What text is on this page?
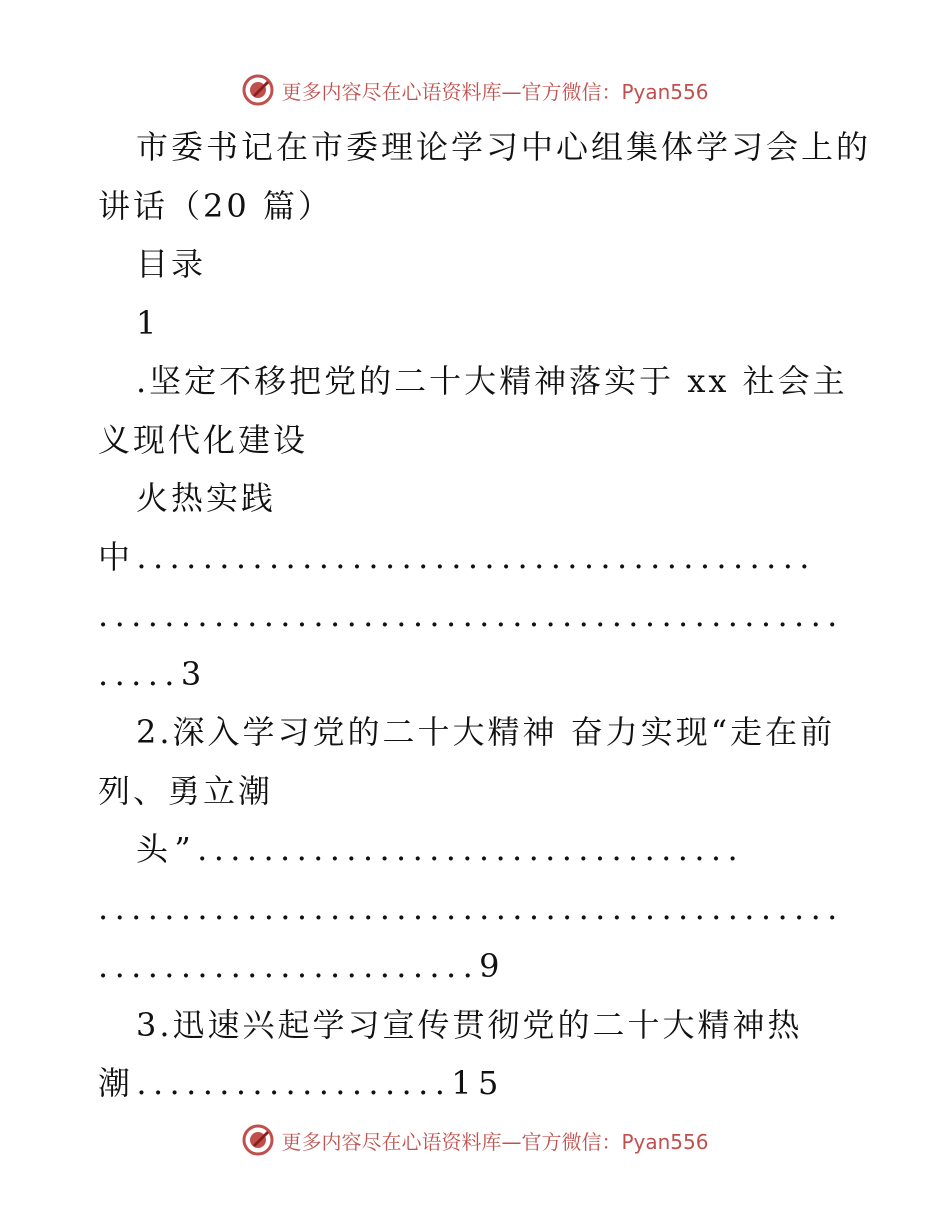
更多内容尽在心语资料库—官方微信：Pyan556
市委书记在市委理论学习中心组集体学习会上的
讲话（20 篇）
目录
1
.坚定不移把党的二十大精神落实于 xx 社会主
义现代化建设
火热实践
中.........................................
.............................................
.....3
2.深入学习党的二十大精神 奋力实现“走在前
列、勇立潮
头”.................................
.............................................
.......................9
3.迅速兴起学习宣传贯彻党的二十大精神热
潮...................15
更多内容尽在心语资料库—官方微信：Pyan556
